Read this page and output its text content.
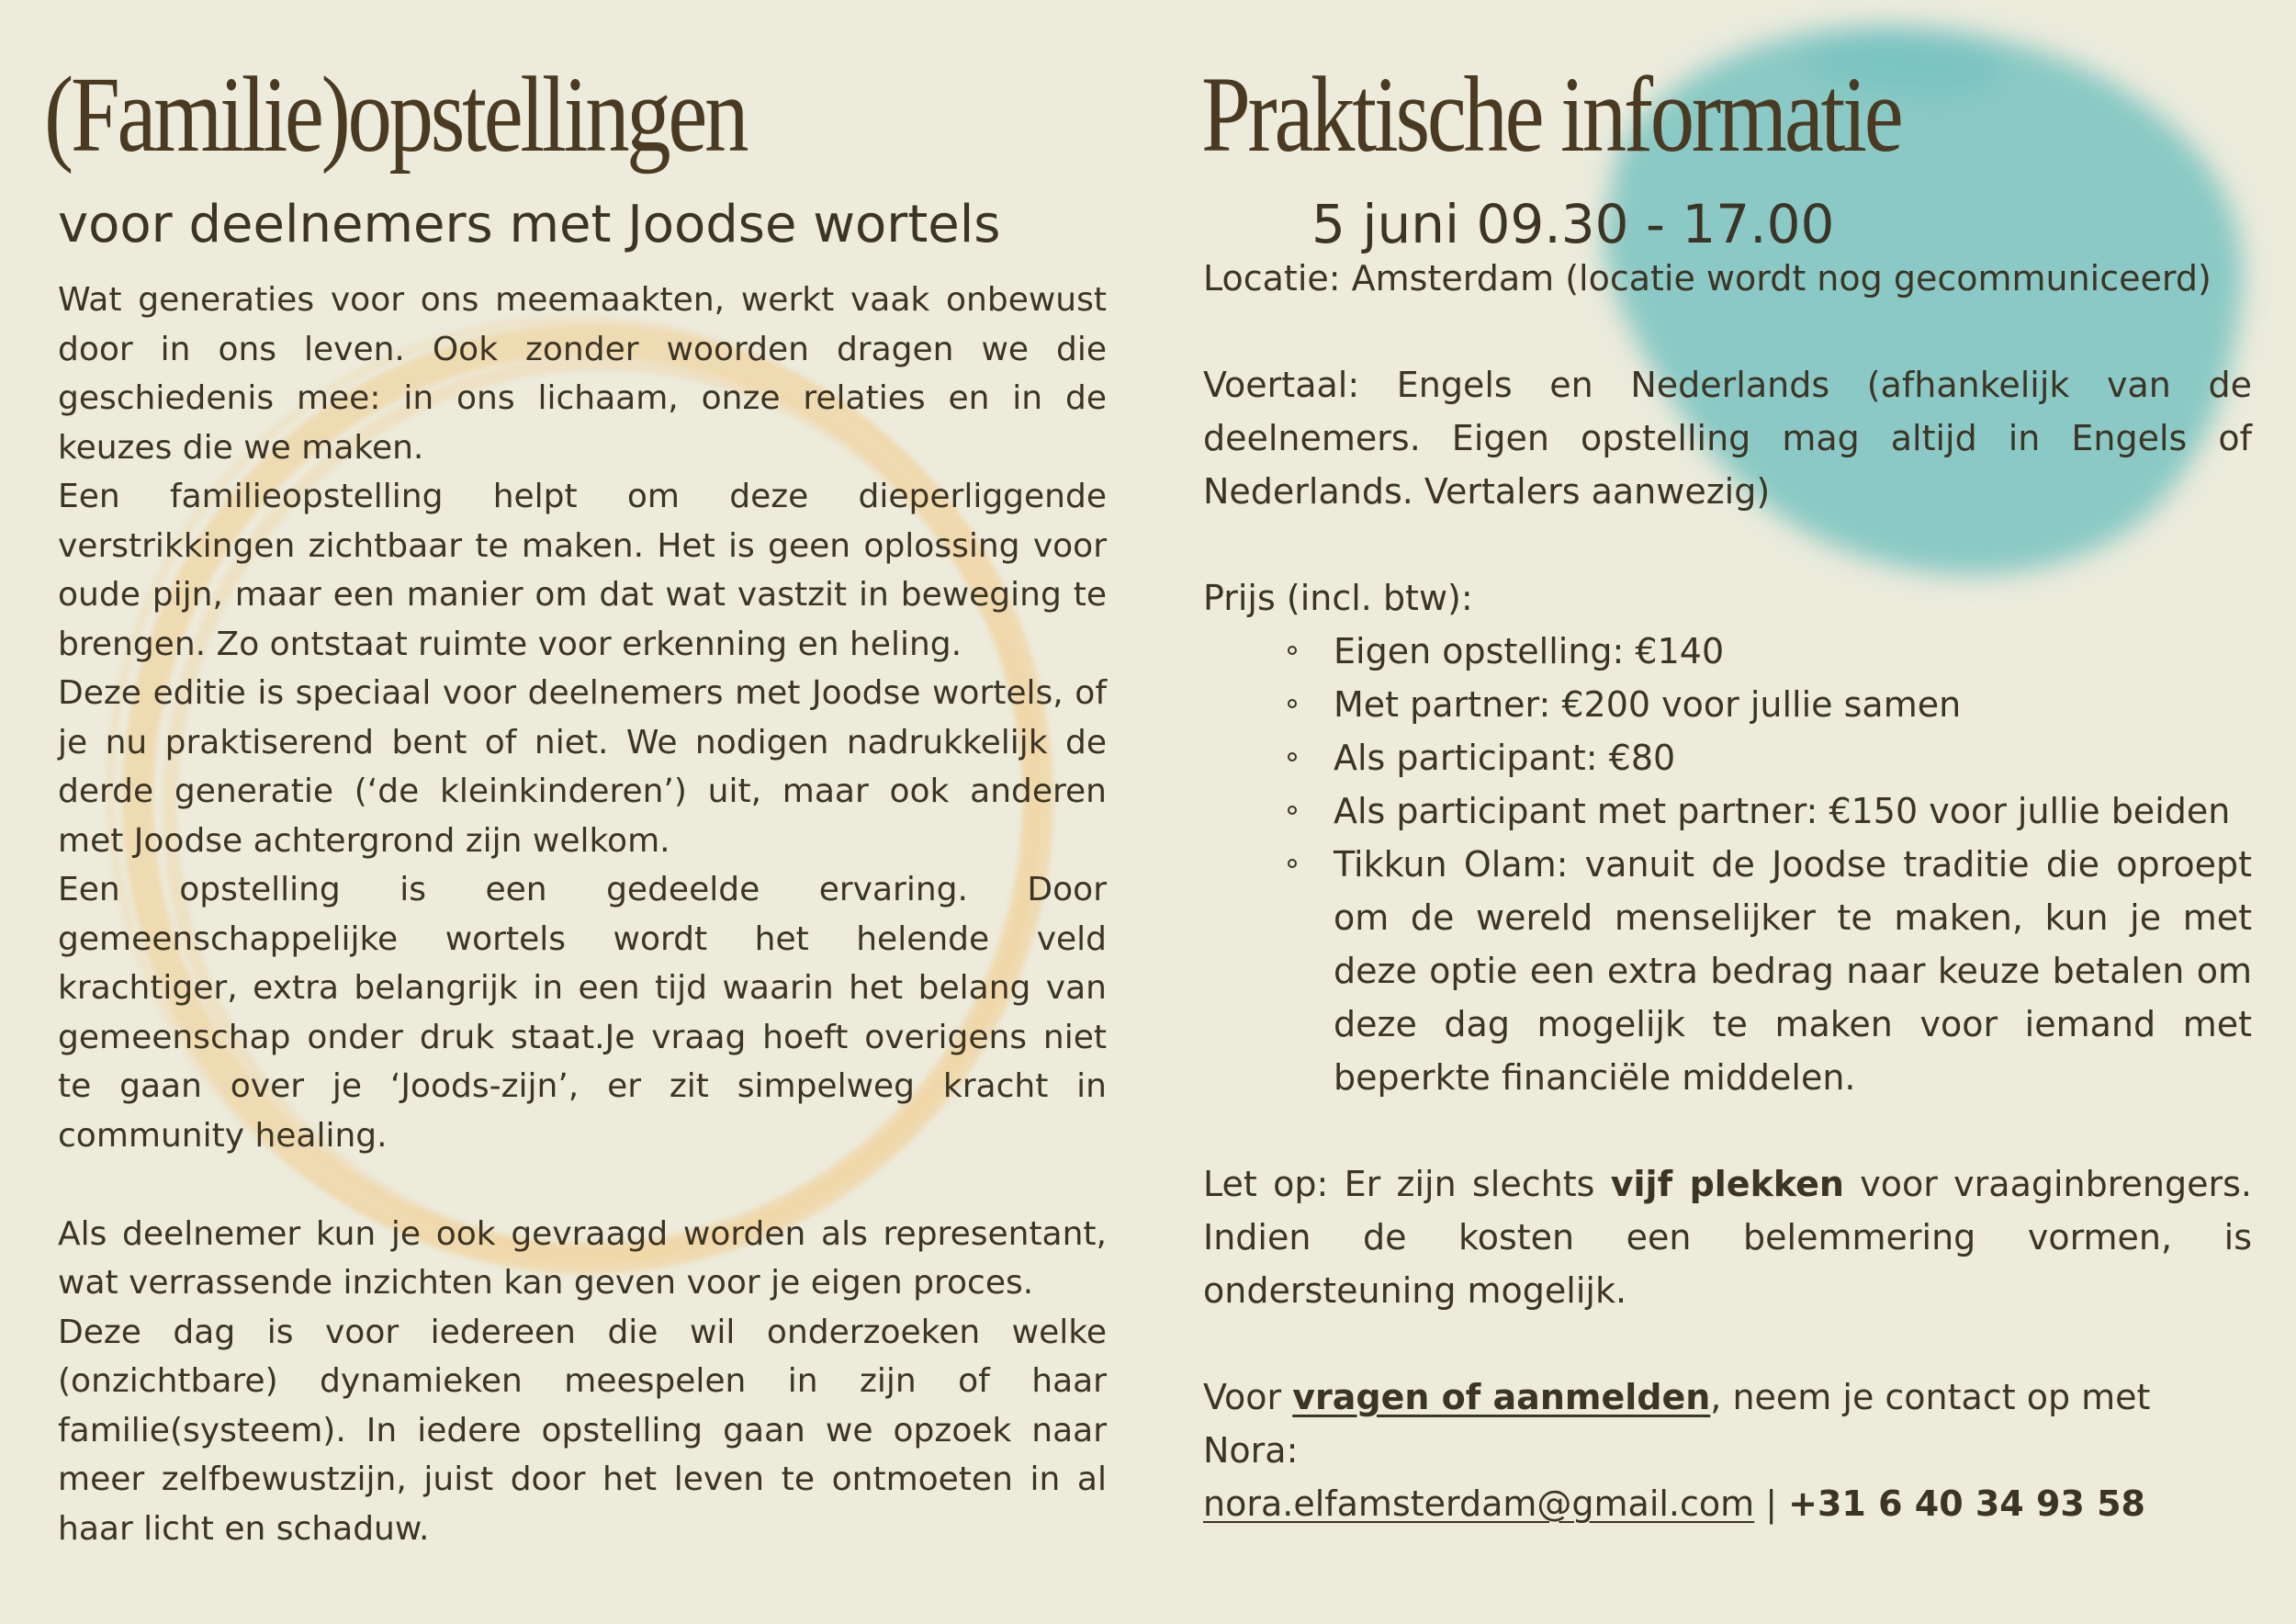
(Familie)opstellingen
voor deelnemers met Joodse wortels

Wat generaties voor ons meemaakten, werkt vaak onbewust door in ons leven. Ook zonder woorden dragen we die geschiedenis mee: in ons lichaam, onze relaties en in de keuzes die we maken.

Een familieopstelling helpt om deze dieperliggende verstrikkingen zichtbaar te maken. Het is geen oplossing voor oude pijn, maar een manier om dat wat vastzit in beweging te brengen. Zo ontstaat ruimte voor erkenning en heling.

Deze editie is speciaal voor deelnemers met Joodse wortels, of je nu praktiserend bent of niet. We nodigen nadrukkelijk de derde generatie (‘de kleinkinderen’) uit, maar ook anderen met Joodse achtergrond zijn welkom.

Een opstelling is een gedeelde ervaring. Door gemeenschappelijke wortels wordt het helende veld krachtiger, extra belangrijk in een tijd waarin het belang van gemeenschap onder druk staat.Je vraag hoeft overigens niet te gaan over je ‘Joods-zijn’, er zit simpelweg kracht in community healing.

Als deelnemer kun je ook gevraagd worden als representant, wat verrassende inzichten kan geven voor je eigen proces.

Deze dag is voor iedereen die wil onderzoeken welke (onzichtbare) dynamieken meespelen in zijn of haar familie(systeem). In iedere opstelling gaan we opzoek naar meer zelfbewustzijn, juist door het leven te ontmoeten in al haar licht en schaduw.

Praktische informatie
5 juni 09.30 - 17.00

Locatie: Amsterdam (locatie wordt nog gecommuniceerd)

Voertaal: Engels en Nederlands (afhankelijk van de deelnemers. Eigen opstelling mag altijd in Engels of Nederlands. Vertalers aanwezig)

Prijs (incl. btw):

Eigen opstelling: €140
Met partner: €200 voor jullie samen
Als participant: €80
Als participant met partner: €150 voor jullie beiden
Tikkun Olam: vanuit de Joodse traditie die oproept om de wereld menselijker te maken, kun je met deze optie een extra bedrag naar keuze betalen om deze dag mogelijk te maken voor iemand met beperkte financiële middelen.

Let op: Er zijn slechts vijf plekken voor vraaginbrengers. Indien de kosten een belemmering vormen, is ondersteuning mogelijk.

Voor vragen of aanmelden, neem je contact op met Nora:
nora.elfamsterdam@gmail.com | +31 6 40 34 93 58
